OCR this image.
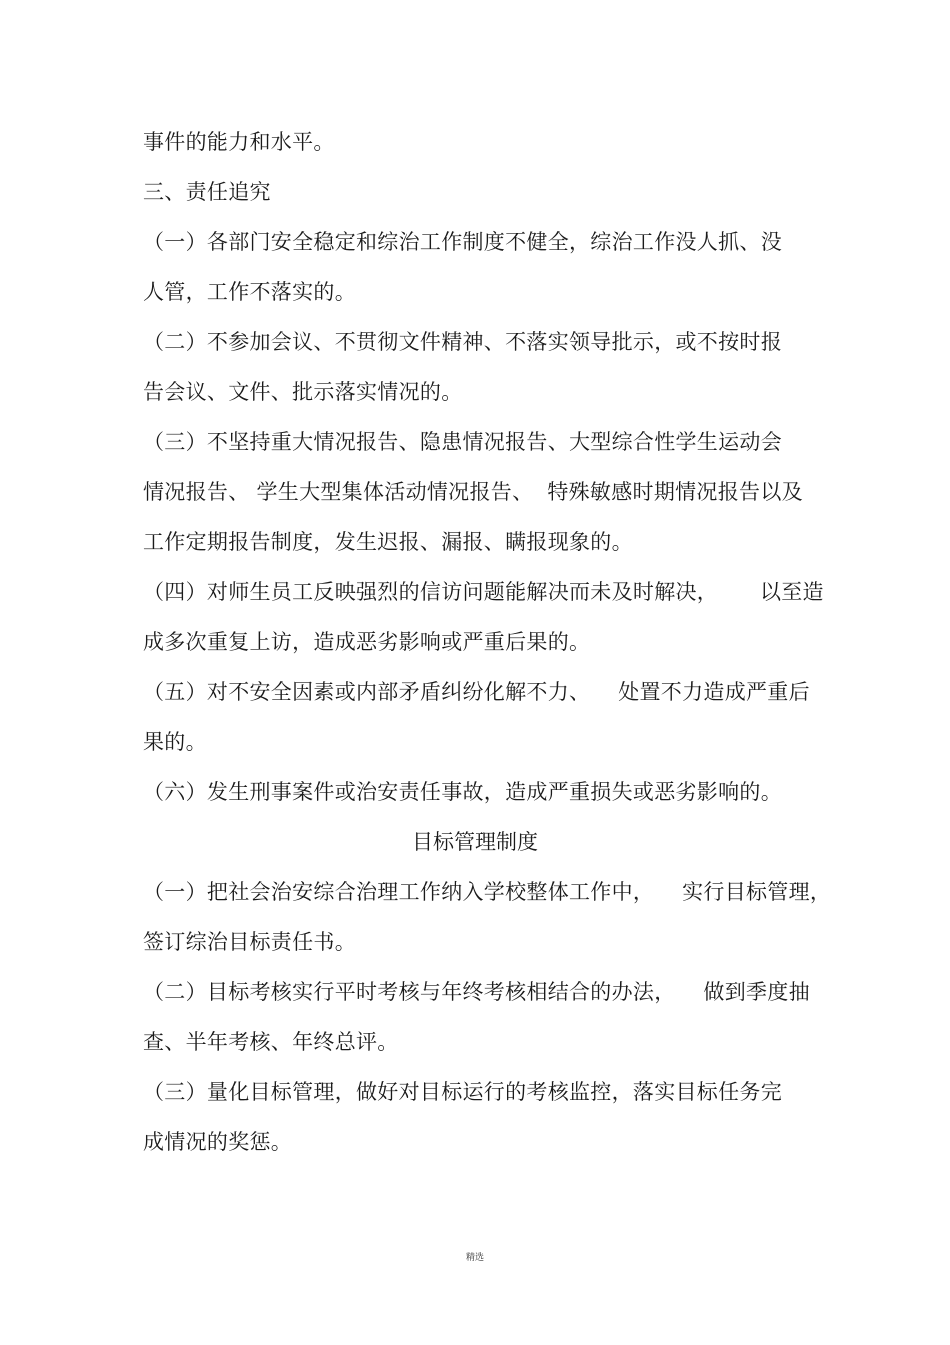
事件的能力和水平。
三、责任追究
（一）各部门安全稳定和综治工作制度不健全，综治工作没人抓、没
人管，工作不落实的。
（二）不参加会议、不贯彻文件精神、不落实领导批示，或不按时报
告会议、文件、批示落实情况的。
（三）不坚持重大情况报告、隐患情况报告、大型综合性学生运动会
情况报告、 学生大型集体活动情况报告、  特殊敏感时期情况报告以及
工作定期报告制度，发生迟报、漏报、瞒报现象的。
（四）对师生员工反映强烈的信访问题能解决而未及时解决，      以至造
成多次重复上访，造成恶劣影响或严重后果的。
（五）对不安全因素或内部矛盾纠纷化解不力、    处置不力造成严重后
果的。
（六）发生刑事案件或治安责任事故，造成严重损失或恶劣影响的。
目标管理制度
（一）把社会治安综合治理工作纳入学校整体工作中，    实行目标管理，
签订综治目标责任书。
（二）目标考核实行平时考核与年终考核相结合的办法，    做到季度抽
查、半年考核、年终总评。
（三）量化目标管理，做好对目标运行的考核监控，落实目标任务完
成情况的奖惩。
精选
